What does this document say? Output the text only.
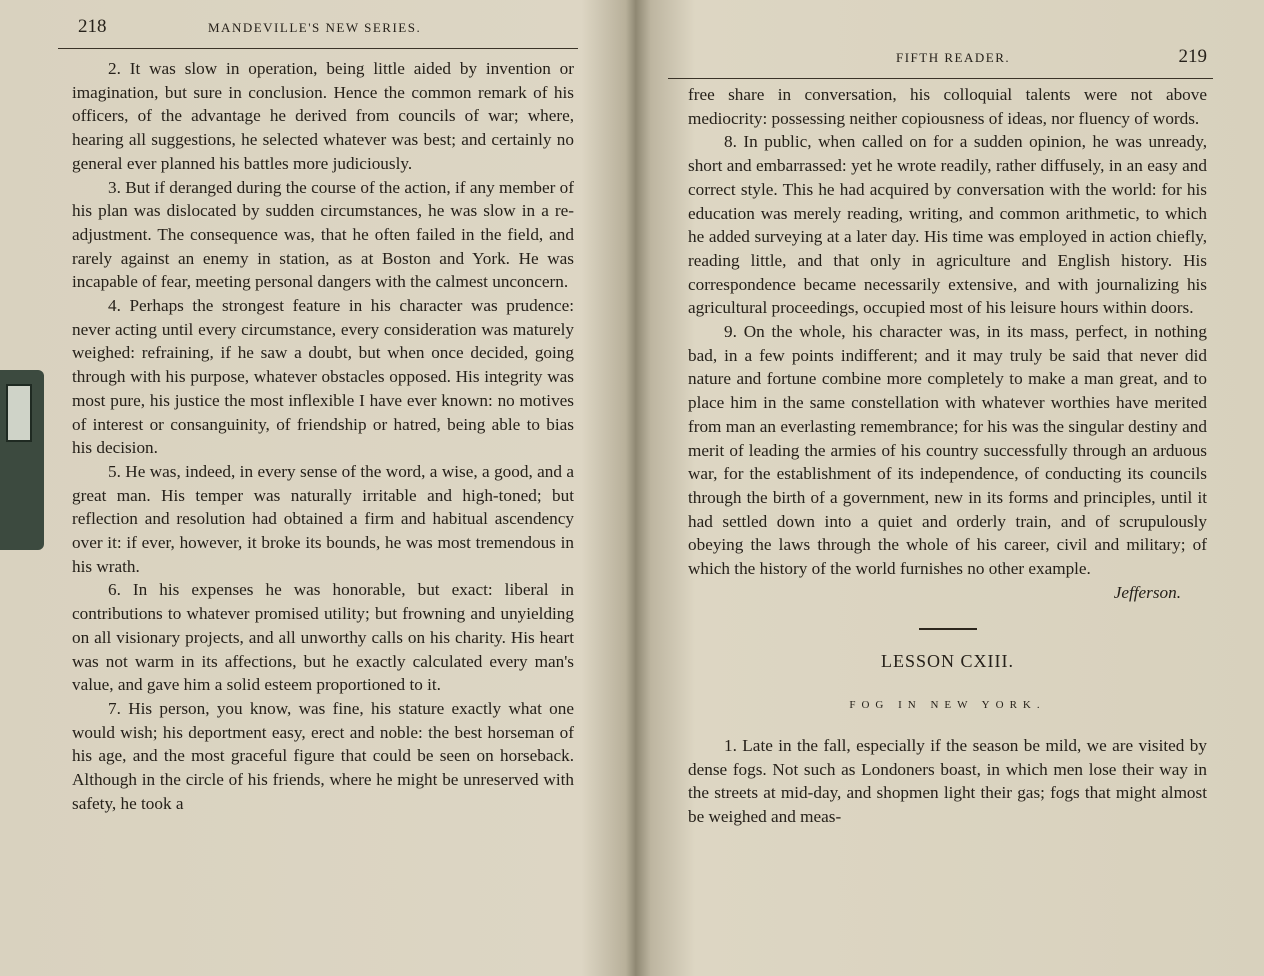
218	MANDEVILLE'S NEW SERIES.

2. It was slow in operation, being little aided by invention or imagination, but sure in conclusion. Hence the common remark of his officers, of the advantage he derived from councils of war; where, hearing all suggestions, he selected whatever was best; and certainly no general ever planned his battles more judiciously.

3. But if deranged during the course of the action, if any member of his plan was dislocated by sudden circumstances, he was slow in a re-adjustment. The consequence was, that he often failed in the field, and rarely against an enemy in station, as at Boston and York. He was incapable of fear, meeting personal dangers with the calmest unconcern.

4. Perhaps the strongest feature in his character was prudence: never acting until every circumstance, every consideration was maturely weighed: refraining, if he saw a doubt, but when once decided, going through with his purpose, whatever obstacles opposed. His integrity was most pure, his justice the most inflexible I have ever known: no motives of interest or consanguinity, of friendship or hatred, being able to bias his decision.

5. He was, indeed, in every sense of the word, a wise, a good, and a great man. His temper was naturally irritable and high-toned; but reflection and resolution had obtained a firm and habitual ascendency over it: if ever, however, it broke its bounds, he was most tremendous in his wrath.

6. In his expenses he was honorable, but exact: liberal in contributions to whatever promised utility; but frowning and unyielding on all visionary projects, and all unworthy calls on his charity. His heart was not warm in its affections, but he exactly calculated every man's value, and gave him a solid esteem proportioned to it.

7. His person, you know, was fine, his stature exactly what one would wish; his deportment easy, erect and noble: the best horseman of his age, and the most graceful figure that could be seen on horseback. Although in the circle of his friends, where he might be unreserved with safety, he took a

FIFTH READER.	219

free share in conversation, his colloquial talents were not above mediocrity: possessing neither copiousness of ideas, nor fluency of words.

8. In public, when called on for a sudden opinion, he was unready, short and embarrassed: yet he wrote readily, rather diffusely, in an easy and correct style. This he had acquired by conversation with the world: for his education was merely reading, writing, and common arithmetic, to which he added surveying at a later day. His time was employed in action chiefly, reading little, and that only in agriculture and English history. His correspondence became necessarily extensive, and with journalizing his agricultural proceedings, occupied most of his leisure hours within doors.

9. On the whole, his character was, in its mass, perfect, in nothing bad, in a few points indifferent; and it may truly be said that never did nature and fortune combine more completely to make a man great, and to place him in the same constellation with whatever worthies have merited from man an everlasting remembrance; for his was the singular destiny and merit of leading the armies of his country successfully through an arduous war, for the establishment of its independence, of conducting its councils through the birth of a government, new in its forms and principles, until it had settled down into a quiet and orderly train, and of scrupulously obeying the laws through the whole of his career, civil and military; of which the history of the world furnishes no other example.

Jefferson.
LESSON CXIII.
FOG IN NEW YORK.

1. Late in the fall, especially if the season be mild, we are visited by dense fogs. Not such as Londoners boast, in which men lose their way in the streets at mid-day, and shopmen light their gas; fogs that might almost be weighed and meas-
